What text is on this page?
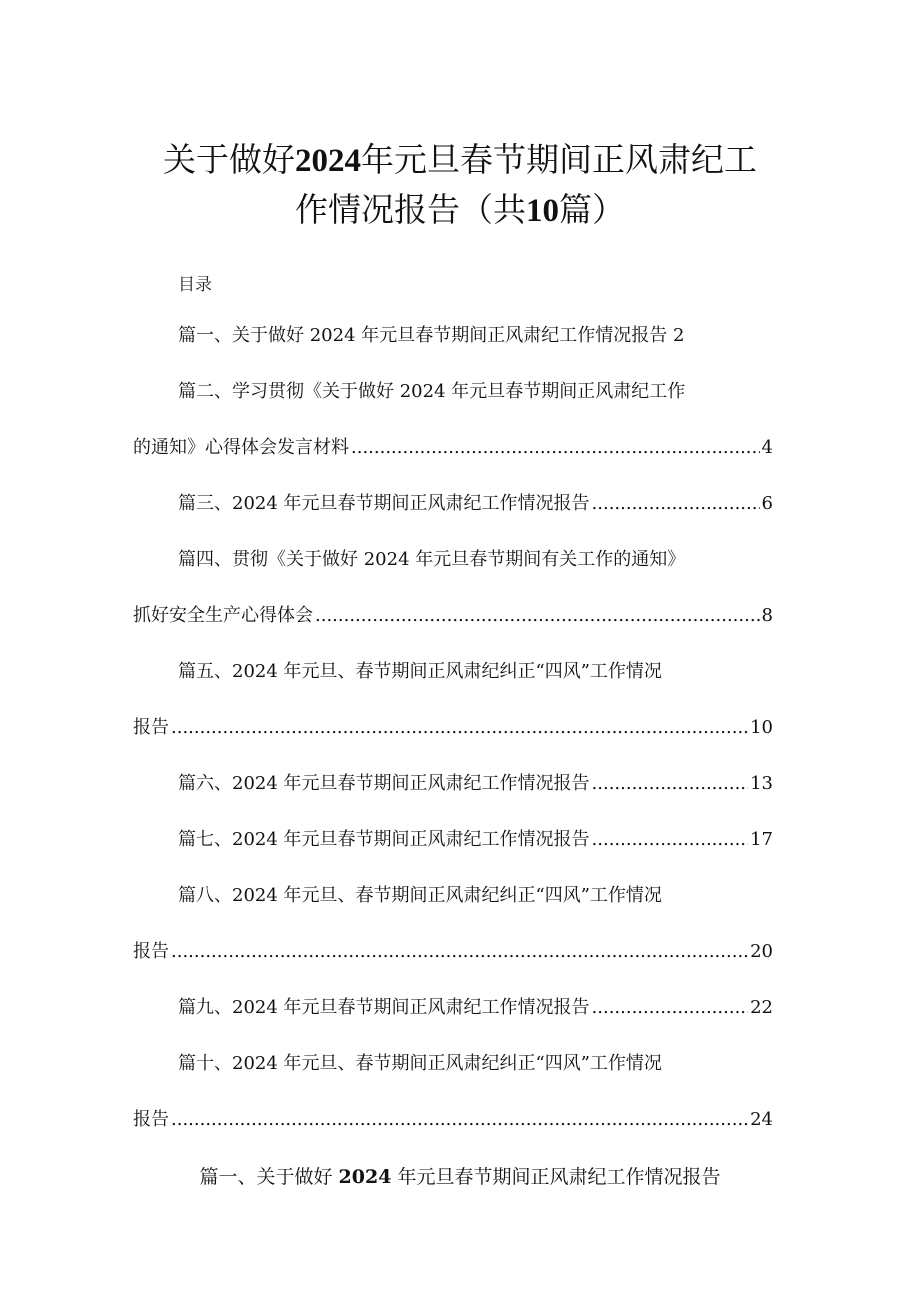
关于做好2024年元旦春节期间正风肃纪工
作情况报告（共10篇）
目录
篇一、关于做好 2024 年元旦春节期间正风肃纪工作情况报告 2
篇二、学习贯彻《关于做好 2024 年元旦春节期间正风肃纪工作
的通知》心得体会发言材料 .....	4
篇三、2024 年元旦春节期间正风肃纪工作情况报告 .....	6
篇四、贯彻《关于做好 2024 年元旦春节期间有关工作的通知》
抓好安全生产心得体会 .....	8
篇五、2024 年元旦、春节期间正风肃纪纠正“四风”工作情况
报告 .....	10
篇六、2024 年元旦春节期间正风肃纪工作情况报告 .....	13
篇七、2024 年元旦春节期间正风肃纪工作情况报告 .....	17
篇八、2024 年元旦、春节期间正风肃纪纠正“四风”工作情况
报告 .....	20
篇九、2024 年元旦春节期间正风肃纪工作情况报告 .....	22
篇十、2024 年元旦、春节期间正风肃纪纠正“四风”工作情况
报告 .....	24
篇一、关于做好 2024 年元旦春节期间正风肃纪工作情况报告
